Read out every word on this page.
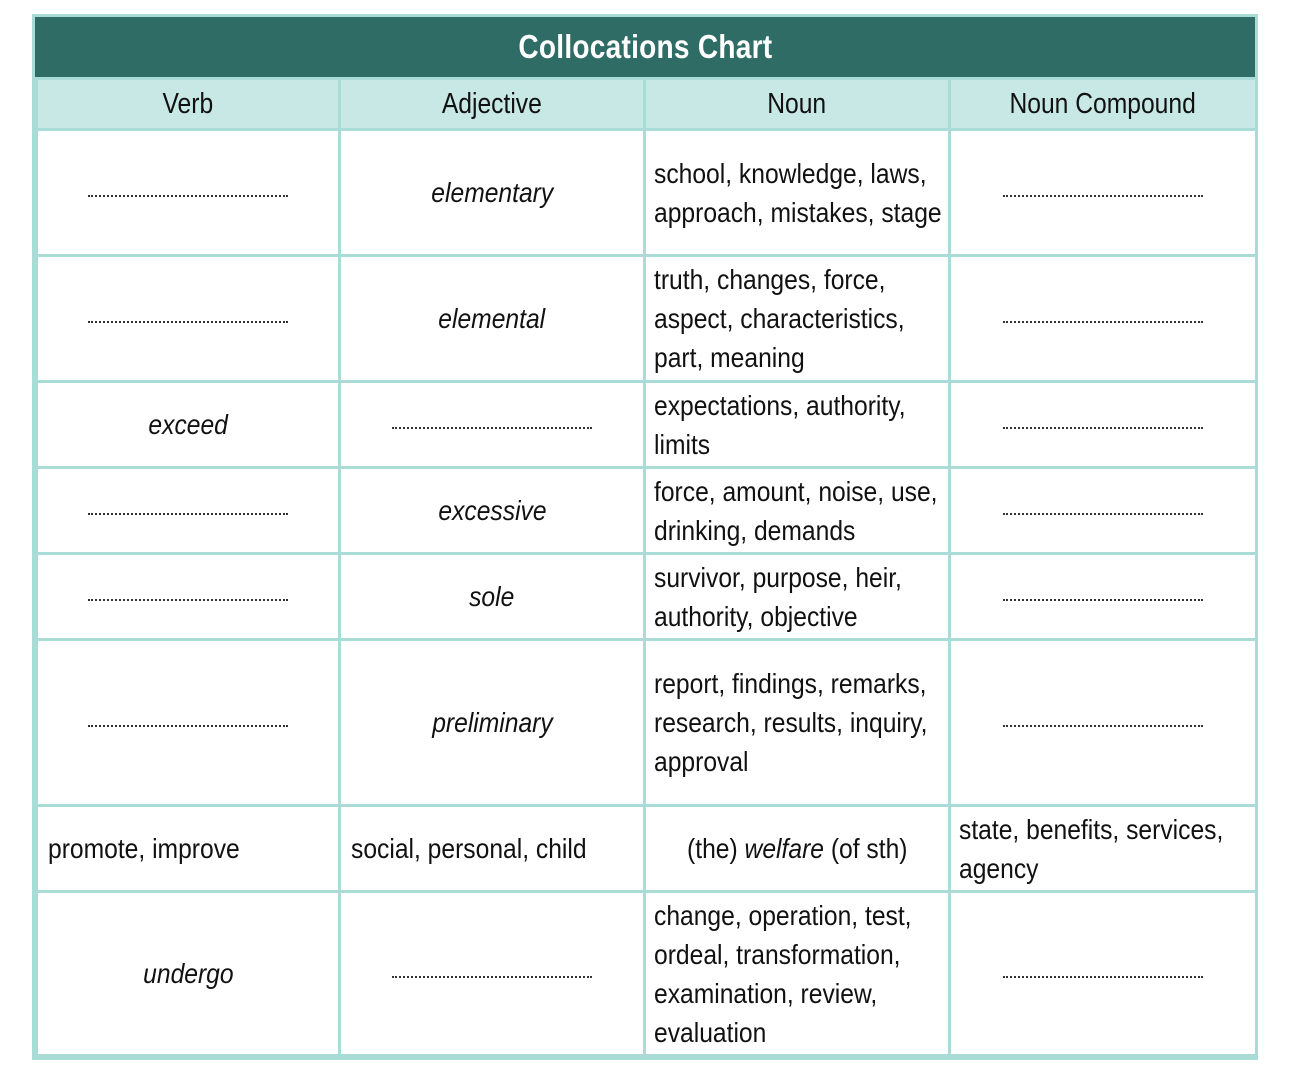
Collocations Chart
Verb	Adjective	Noun	Noun Compound
	elementary	school, knowledge, laws, approach, mistakes, stage	
	elemental	truth, changes, force, aspect, characteristics, part, meaning	
exceed		expectations, authority, limits	
	excessive	force, amount, noise, use, drinking, demands	
	sole	survivor, purpose, heir, authority, objective	
	preliminary	report, findings, remarks, research, results, inquiry, approval	
promote, improve	social, personal, child	(the) welfare (of sth)	state, benefits, services, agency
undergo		change, operation, test, ordeal, transformation, examination, review, evaluation	
